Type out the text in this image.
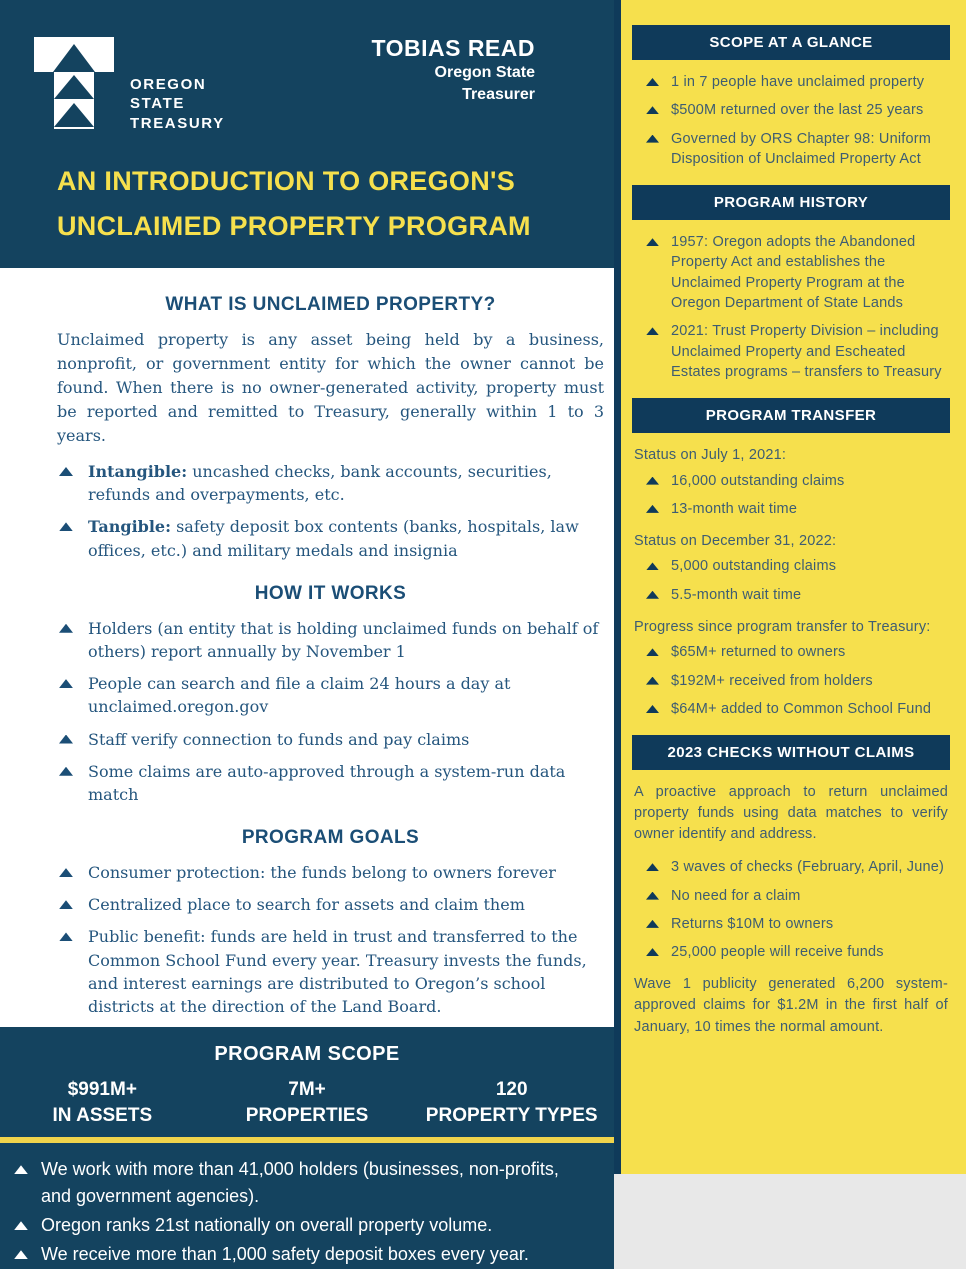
OREGON
STATE
TREASURY
TOBIAS READ
Oregon State
Treasurer
AN INTRODUCTION TO OREGON'S
UNCLAIMED PROPERTY PROGRAM
WHAT IS UNCLAIMED PROPERTY?

Unclaimed property is any asset being held by a business, nonprofit, or government entity for which the owner cannot be found. When there is no owner-generated activity, property must be reported and remitted to Treasury, generally within 1 to 3 years.

Intangible: uncashed checks, bank accounts, securities, refunds and overpayments, etc.

Tangible: safety deposit box contents (banks, hospitals, law offices, etc.) and military medals and insignia

HOW IT WORKS

Holders (an entity that is holding unclaimed funds on behalf of others) report annually by November 1

People can search and file a claim 24 hours a day at unclaimed.oregon.gov

Staff verify connection to funds and pay claims

Some claims are auto-approved through a system-run data match

PROGRAM GOALS

Consumer protection: the funds belong to owners forever

Centralized place to search for assets and claim them

Public benefit: funds are held in trust and transferred to the Common School Fund every year. Treasury invests the funds, and interest earnings are distributed to Oregon’s school districts at the direction of the Land Board.

PROGRAM SCOPE
$991M+
IN ASSETS
7M+
PROPERTIES
120
PROPERTY TYPES

We work with more than 41,000 holders (businesses, non-profits, and government agencies).

Oregon ranks 21st nationally on overall property volume.

We receive more than 1,000 safety deposit boxes every year.

SCOPE AT A GLANCE

1 in 7 people have unclaimed property

$500M returned over the last 25 years

Governed by ORS Chapter 98: Uniform Disposition of Unclaimed Property Act

PROGRAM HISTORY

1957: Oregon adopts the Abandoned Property Act and establishes the Unclaimed Property Program at the Oregon Department of State Lands

2021: Trust Property Division – including Unclaimed Property and Escheated Estates programs – transfers to Treasury

PROGRAM TRANSFER

Status on July 1, 2021:

16,000 outstanding claims

13-month wait time

Status on December 31, 2022:

5,000 outstanding claims

5.5-month wait time

Progress since program transfer to Treasury:

$65M+ returned to owners

$192M+ received from holders

$64M+ added to Common School Fund

2023 CHECKS WITHOUT CLAIMS

A proactive approach to return unclaimed property funds using data matches to verify owner identify and address.

3 waves of checks (February, April, June)

No need for a claim

Returns $10M to owners

25,000 people will receive funds

Wave 1 publicity generated 6,200 system-approved claims for $1.2M in the first half of January, 10 times the normal amount.
